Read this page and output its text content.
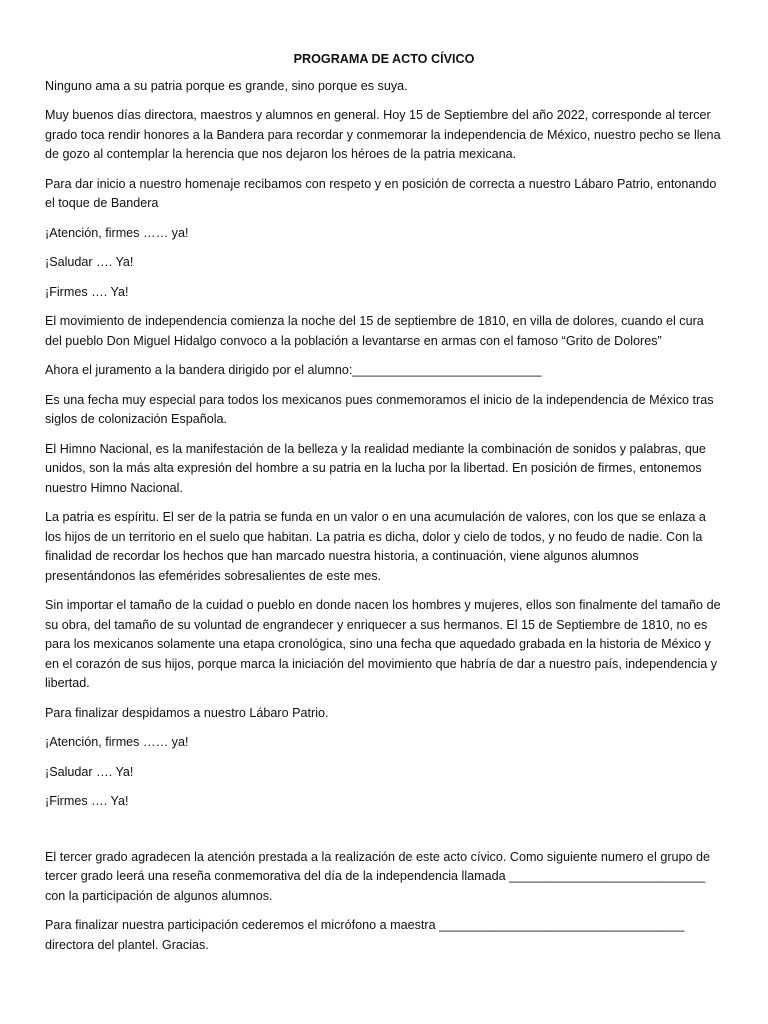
PROGRAMA DE ACTO CÍVICO

Ninguno ama a su patria porque es grande, sino porque es suya.

Muy buenos días directora, maestros y alumnos en general. Hoy 15 de Septiembre del año 2022, corresponde al tercer grado toca rendir honores a la Bandera para recordar y conmemorar la independencia de México, nuestro pecho se llena de gozo al contemplar la herencia que nos dejaron los héroes de la patria mexicana.

Para dar inicio a nuestro homenaje recibamos con respeto y en posición de correcta a nuestro Lábaro Patrio, entonando el toque de Bandera

¡Atención, firmes …… ya!

¡Saludar …. Ya!

¡Firmes …. Ya!

El movimiento de independencia comienza la noche del 15 de septiembre de 1810, en villa de dolores, cuando el cura del pueblo Don Miguel Hidalgo convoco a la población a levantarse en armas con el famoso “Grito de Dolores”

Ahora el juramento a la bandera dirigido por el alumno:___________________________

Es una fecha muy especial para todos los mexicanos pues conmemoramos el inicio de la independencia de México tras siglos de colonización Española.

El Himno Nacional, es la manifestación de la belleza y la realidad mediante la combinación de sonidos y palabras, que unidos, son la más alta expresión del hombre a su patria en la lucha por la libertad. En posición de firmes, entonemos nuestro Himno Nacional.

La patria es espíritu. El ser de la patria se funda en un valor o en una acumulación de valores, con los que se enlaza a los hijos de un territorio en el suelo que habitan. La patria es dicha, dolor y cielo de todos, y no feudo de nadie. Con la finalidad de recordar los hechos que han marcado nuestra historia, a continuación, viene algunos alumnos presentándonos las efemérides sobresalientes de este mes.

Sin importar el tamaño de la cuidad o pueblo en donde nacen los hombres y mujeres, ellos son finalmente del tamaño de su obra, del tamaño de su voluntad de engrandecer y enriquecer a sus hermanos. El 15 de Septiembre de 1810, no es para los mexicanos solamente una etapa cronológica, sino una fecha que aquedado grabada en la historia de México y en el corazón de sus hijos, porque marca la iniciación del movimiento que habría de dar a nuestro país, independencia y libertad.

Para finalizar despidamos a nuestro Lábaro Patrio.

¡Atención, firmes …… ya!

¡Saludar …. Ya!

¡Firmes …. Ya!

El tercer grado agradecen la atención prestada a la realización de este acto cívico. Como siguiente numero el grupo de tercer grado leerá una reseña conmemorativa del día de la independencia llamada ____________________________ con la participación de algunos alumnos.

Para finalizar nuestra participación cederemos el micrófono a maestra ___________________________________ directora del plantel. Gracias.
